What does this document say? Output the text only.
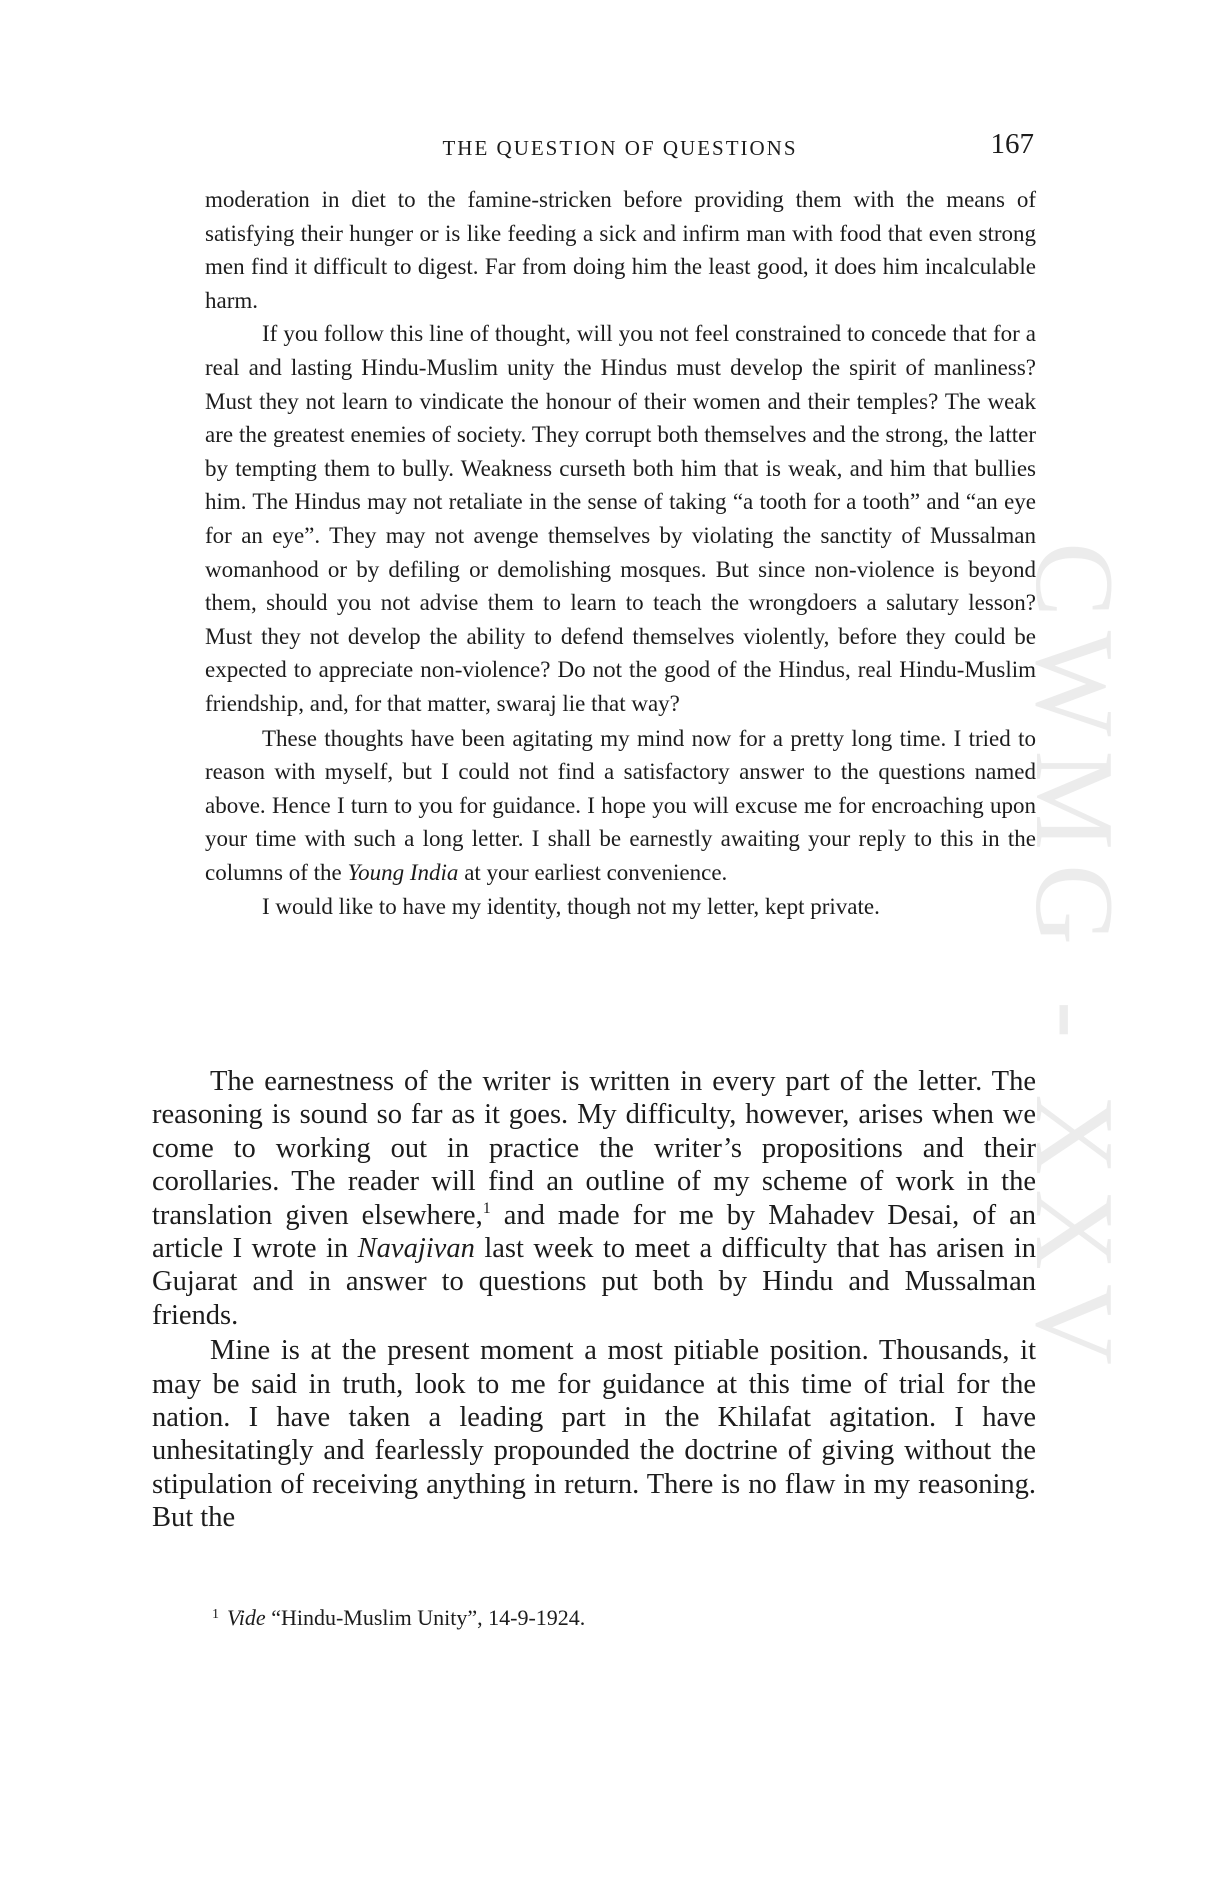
CWMG - XXV
THE QUESTION OF QUESTIONS	167

moderation in diet to the famine-stricken before providing them with the means of satisfying their hunger or is like feeding a sick and infirm man with food that even strong men find it difficult to digest. Far from doing him the least good, it does him incalculable harm.

If you follow this line of thought, will you not feel constrained to concede that for a real and lasting Hindu-Muslim unity the Hindus must develop the spirit of manliness? Must they not learn to vindicate the honour of their women and their temples? The weak are the greatest enemies of society. They corrupt both themselves and the strong, the latter by tempting them to bully. Weakness curseth both him that is weak, and him that bullies him. The Hindus may not retaliate in the sense of taking “a tooth for a tooth” and “an eye for an eye”. They may not avenge themselves by violating the sanctity of Mussalman womanhood or by defiling or demolishing mosques. But since non-violence is beyond them, should you not advise them to learn to teach the wrongdoers a salutary lesson? Must they not develop the ability to defend themselves violently, before they could be expected to appreciate non-violence? Do not the good of the Hindus, real Hindu-Muslim friendship, and, for that matter, swaraj lie that way?

These thoughts have been agitating my mind now for a pretty long time. I tried to reason with myself, but I could not find a satisfactory answer to the questions named above. Hence I turn to you for guidance. I hope you will excuse me for encroaching upon your time with such a long letter. I shall be earnestly awaiting your reply to this in the columns of the Young India at your earliest convenience.

I would like to have my identity, though not my letter, kept private.

The earnestness of the writer is written in every part of the letter. The reasoning is sound so far as it goes. My difficulty, however, arises when we come to working out in practice the writer’s propositions and their corollaries. The reader will find an outline of my scheme of work in the translation given elsewhere,$^1$ and made for me by Mahadev Desai, of an article I wrote in Navajivan last week to meet a difficulty that has arisen in Gujarat and in answer to questions put both by Hindu and Mussalman friends.

Mine is at the present moment a most pitiable position. Thousands, it may be said in truth, look to me for guidance at this time of trial for the nation. I have taken a leading part in the Khilafat agitation. I have unhesitatingly and fearlessly propounded the doctrine of giving without the stipulation of receiving anything in return. There is no flaw in my reasoning. But the

$^1$ Vide “Hindu-Muslim Unity”, 14-9-1924.
